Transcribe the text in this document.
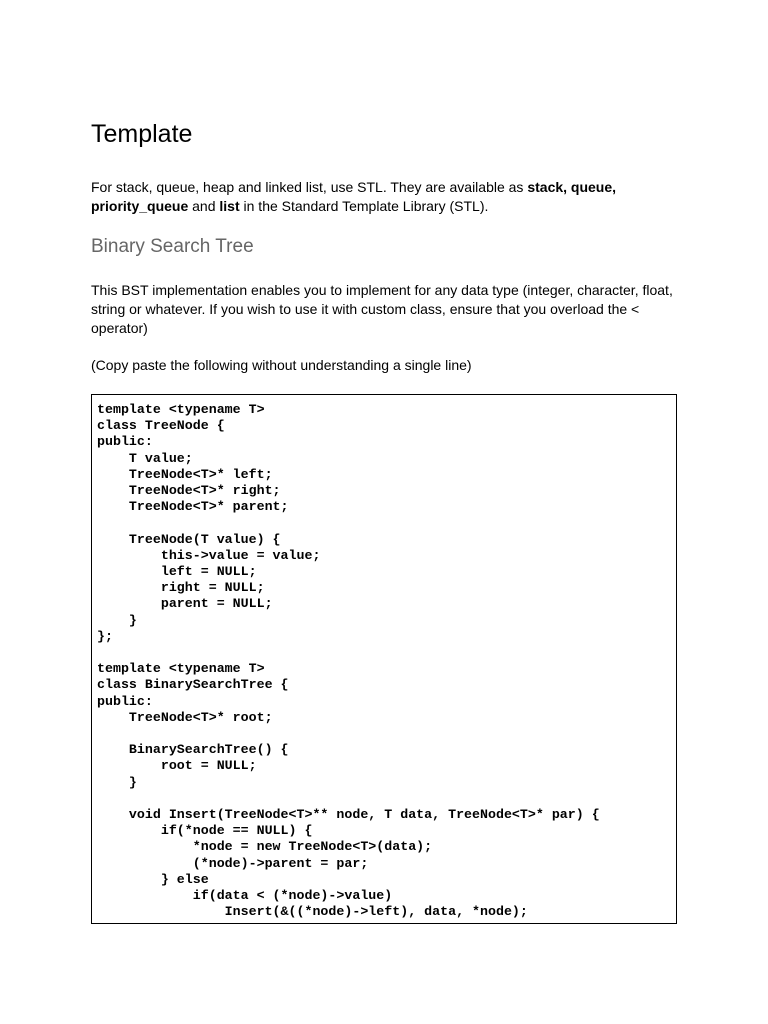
Template

For stack, queue, heap and linked list, use STL. They are available as stack, queue, priority_queue and list in the Standard Template Library (STL).

Binary Search Tree

This BST implementation enables you to implement for any data type (integer, character, float, string or whatever. If you wish to use it with custom class, ensure that you overload the < operator)

(Copy paste the following without understanding a single line)

template <typename T>
class TreeNode {
public:
T value;
TreeNode<T>* left;
TreeNode<T>* right;
TreeNode<T>* parent;
TreeNode(T value) {
this->value = value;
left = NULL;
right = NULL;
parent = NULL;
}
};
template <typename T>
class BinarySearchTree {
public:
TreeNode<T>* root;
BinarySearchTree() {
root = NULL;
}
void Insert(TreeNode<T>** node, T data, TreeNode<T>* par) {
if(*node == NULL) {
*node = new TreeNode<T>(data);
(*node)->parent = par;
} else
if(data < (*node)->value)
Insert(&((*node)->left), data, *node);
